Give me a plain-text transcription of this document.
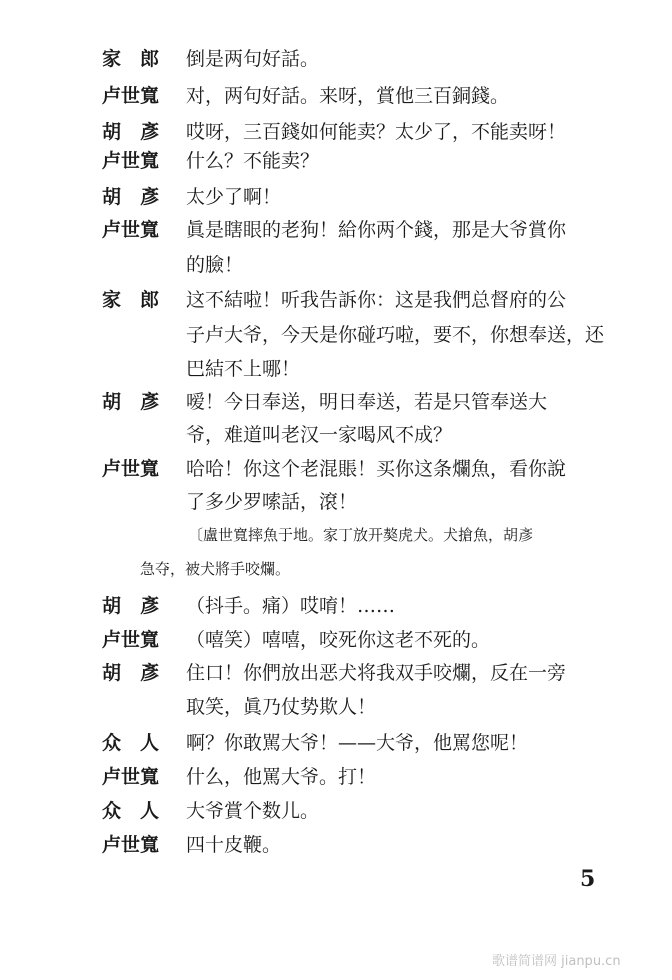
家　郎	倒是两句好話。
卢世寬	对，两句好話。来呀，賞他三百銅錢。
胡　彥	哎呀，三百錢如何能卖？太少了，不能卖呀！
卢世寬	什么？不能卖？
胡　彥	太少了啊！
卢世寬	眞是瞎眼的老狗！給你两个錢，那是大爷賞你
的臉！
家　郎	这不結啦！听我告訴你：这是我們总督府的公
子卢大爷，今天是你碰巧啦，要不，你想奉送，还
巴結不上哪！
胡　彥	嗳！今日奉送，明日奉送，若是只管奉送大
爷，难道叫老汉一家喝风不成？
卢世寬	哈哈！你这个老混賬！买你这条爛魚，看你說
了多少罗嗦話，滾！
〔盧世寬摔魚于地。家丁放开獒虎犬。犬搶魚，胡彥
急夺，被犬將手咬爛。
胡　彥	（抖手。痛）哎唷！……
卢世寬	（嘻笑）嘻嘻，咬死你这老不死的。
胡　彥	住口！你們放出恶犬将我双手咬爛，反在一旁
取笑，眞乃仗势欺人！
众　人	啊？你敢駡大爷！——大爷，他罵您呢！
卢世寬	什么，他罵大爷。打！
众　人	大爷賞个数儿。
卢世寬	四十皮鞭。
5
歌谱简谱网 jianpu.cn
